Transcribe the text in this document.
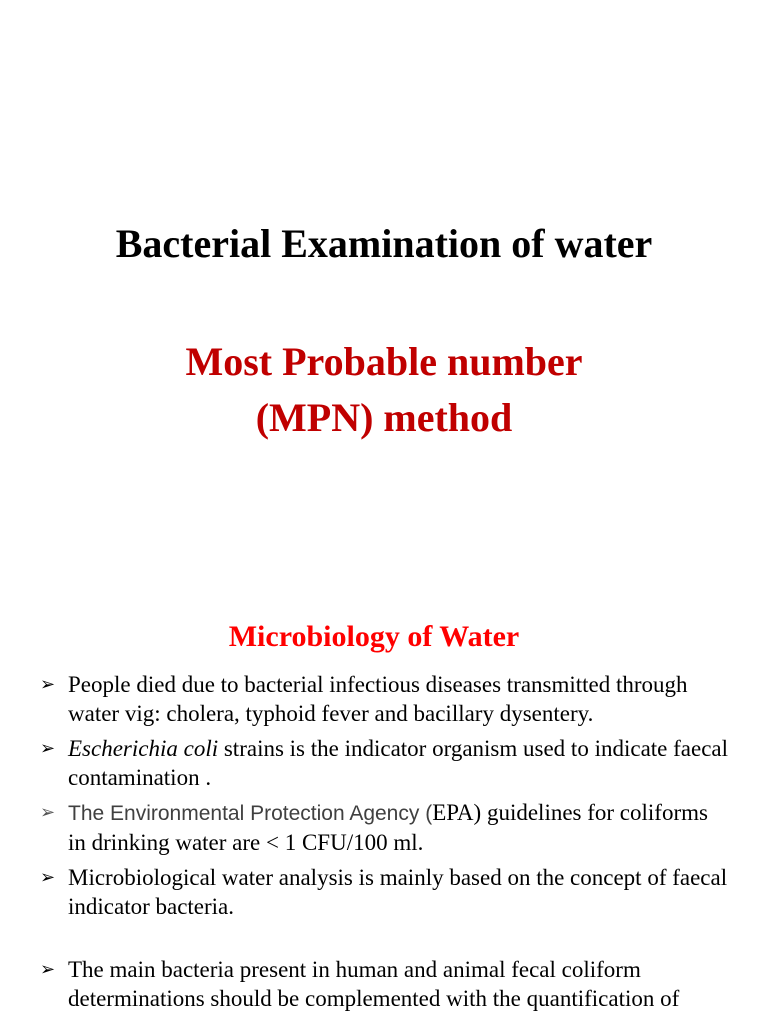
Bacterial Examination of water
Most Probable number
(MPN) method
Microbiology of Water
➢ People died due to bacterial infectious diseases transmitted through water vig: cholera, typhoid fever and bacillary dysentery.
➢ Escherichia coli strains is the indicator organism used to indicate faecal contamination .
➢ The Environmental Protection Agency (EPA) guidelines for coliforms in drinking water are < 1 CFU/100 ml.
➢ Microbiological water analysis is mainly based on the concept of faecal indicator bacteria.
➢ The main bacteria present in human and animal fecal coliform determinations should be complemented with the quantification of
